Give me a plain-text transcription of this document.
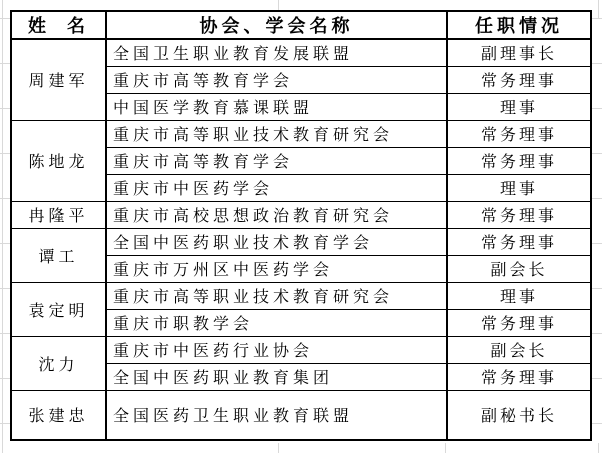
姓  名	协会、学会名称	任职情况
周建军	全国卫生职业教育发展联盟	副理事长
	重庆市高等教育学会	常务理事
	中国医学教育慕课联盟	理事
陈地龙	重庆市高等职业技术教育研究会	常务理事
	重庆市高等教育学会	常务理事
	重庆市中医药学会	理事
冉隆平	重庆市高校思想政治教育研究会	常务理事
谭工	全国中医药职业技术教育学会	常务理事
	重庆市万州区中医药学会	副会长
袁定明	重庆市高等职业技术教育研究会	理事
	重庆市职教学会	常务理事
沈力	重庆市中医药行业协会	副会长
	全国中医药职业教育集团	常务理事
张建忠	全国医药卫生职业教育联盟	副秘书长
